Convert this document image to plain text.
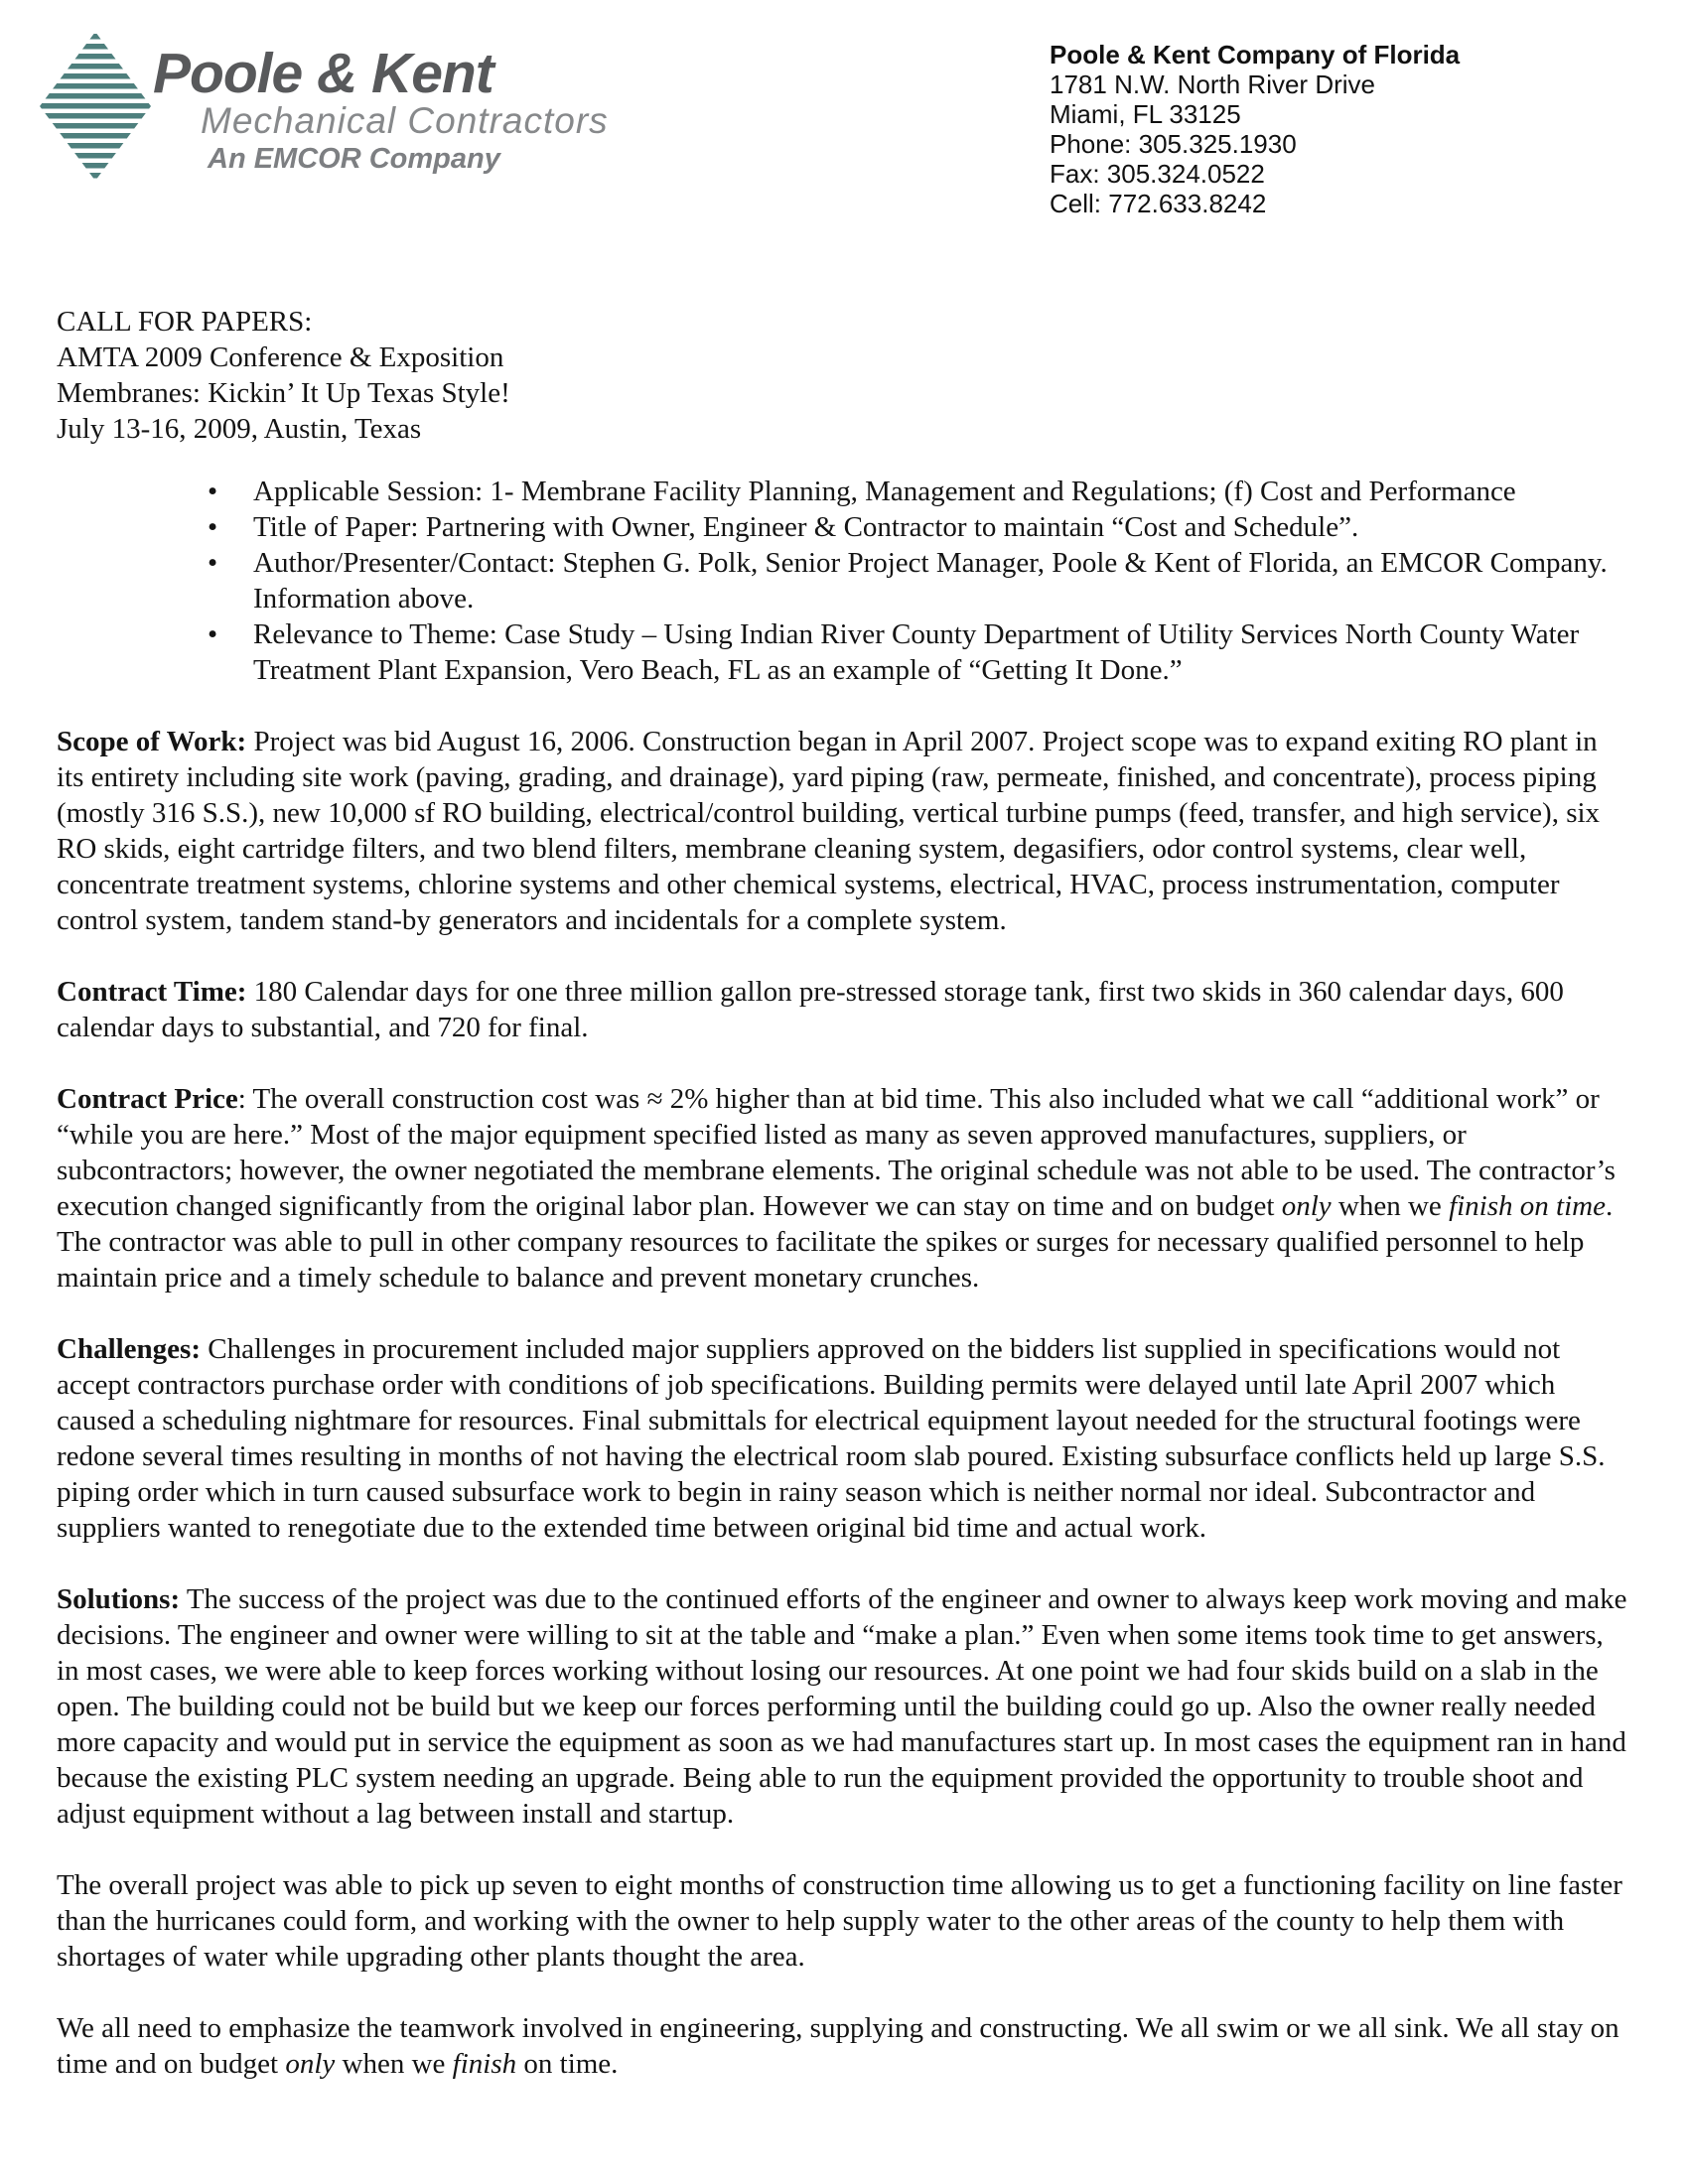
Poole & Kent
Mechanical Contractors
An EMCOR Company
Poole & Kent Company of Florida
1781 N.W. North River Drive
Miami, FL 33125
Phone: 305.325.1930
Fax: 305.324.0522
Cell: 772.633.8242
CALL FOR PAPERS:
AMTA 2009 Conference & Exposition
Membranes: Kickin’ It Up Texas Style!
July 13-16, 2009, Austin, Texas
• Applicable Session: 1- Membrane Facility Planning, Management and Regulations; (f) Cost and Performance
• Title of Paper: Partnering with Owner, Engineer & Contractor to maintain “Cost and Schedule”.
• Author/Presenter/Contact: Stephen G. Polk, Senior Project Manager, Poole & Kent of Florida, an EMCOR Company. Information above.
• Relevance to Theme: Case Study – Using Indian River County Department of Utility Services North County Water Treatment Plant Expansion, Vero Beach, FL as an example of “Getting It Done.”

Scope of Work: Project was bid August 16, 2006. Construction began in April 2007. Project scope was to expand exiting RO plant in its entirety including site work (paving, grading, and drainage), yard piping (raw, permeate, finished, and concentrate), process piping (mostly 316 S.S.), new 10,000 sf RO building, electrical/control building, vertical turbine pumps (feed, transfer, and high service), six RO skids, eight cartridge filters, and two blend filters, membrane cleaning system, degasifiers, odor control systems, clear well, concentrate treatment systems, chlorine systems and other chemical systems, electrical, HVAC, process instrumentation, computer control system, tandem stand-by generators and incidentals for a complete system.

Contract Time: 180 Calendar days for one three million gallon pre-stressed storage tank, first two skids in 360 calendar days, 600 calendar days to substantial, and 720 for final.

Contract Price: The overall construction cost was ≈ 2% higher than at bid time. This also included what we call “additional work” or “while you are here.” Most of the major equipment specified listed as many as seven approved manufactures, suppliers, or subcontractors; however, the owner negotiated the membrane elements. The original schedule was not able to be used. The contractor’s execution changed significantly from the original labor plan. However we can stay on time and on budget only when we finish on time. The contractor was able to pull in other company resources to facilitate the spikes or surges for necessary qualified personnel to help maintain price and a timely schedule to balance and prevent monetary crunches.

Challenges: Challenges in procurement included major suppliers approved on the bidders list supplied in specifications would not accept contractors purchase order with conditions of job specifications. Building permits were delayed until late April 2007 which caused a scheduling nightmare for resources. Final submittals for electrical equipment layout needed for the structural footings were redone several times resulting in months of not having the electrical room slab poured. Existing subsurface conflicts held up large S.S. piping order which in turn caused subsurface work to begin in rainy season which is neither normal nor ideal. Subcontractor and suppliers wanted to renegotiate due to the extended time between original bid time and actual work.

Solutions: The success of the project was due to the continued efforts of the engineer and owner to always keep work moving and make decisions. The engineer and owner were willing to sit at the table and “make a plan.” Even when some items took time to get answers, in most cases, we were able to keep forces working without losing our resources. At one point we had four skids build on a slab in the open. The building could not be build but we keep our forces performing until the building could go up. Also the owner really needed more capacity and would put in service the equipment as soon as we had manufactures start up. In most cases the equipment ran in hand because the existing PLC system needing an upgrade. Being able to run the equipment provided the opportunity to trouble shoot and adjust equipment without a lag between install and startup.

The overall project was able to pick up seven to eight months of construction time allowing us to get a functioning facility on line faster than the hurricanes could form, and working with the owner to help supply water to the other areas of the county to help them with shortages of water while upgrading other plants thought the area.

We all need to emphasize the teamwork involved in engineering, supplying and constructing. We all swim or we all sink. We all stay on time and on budget only when we finish on time.
